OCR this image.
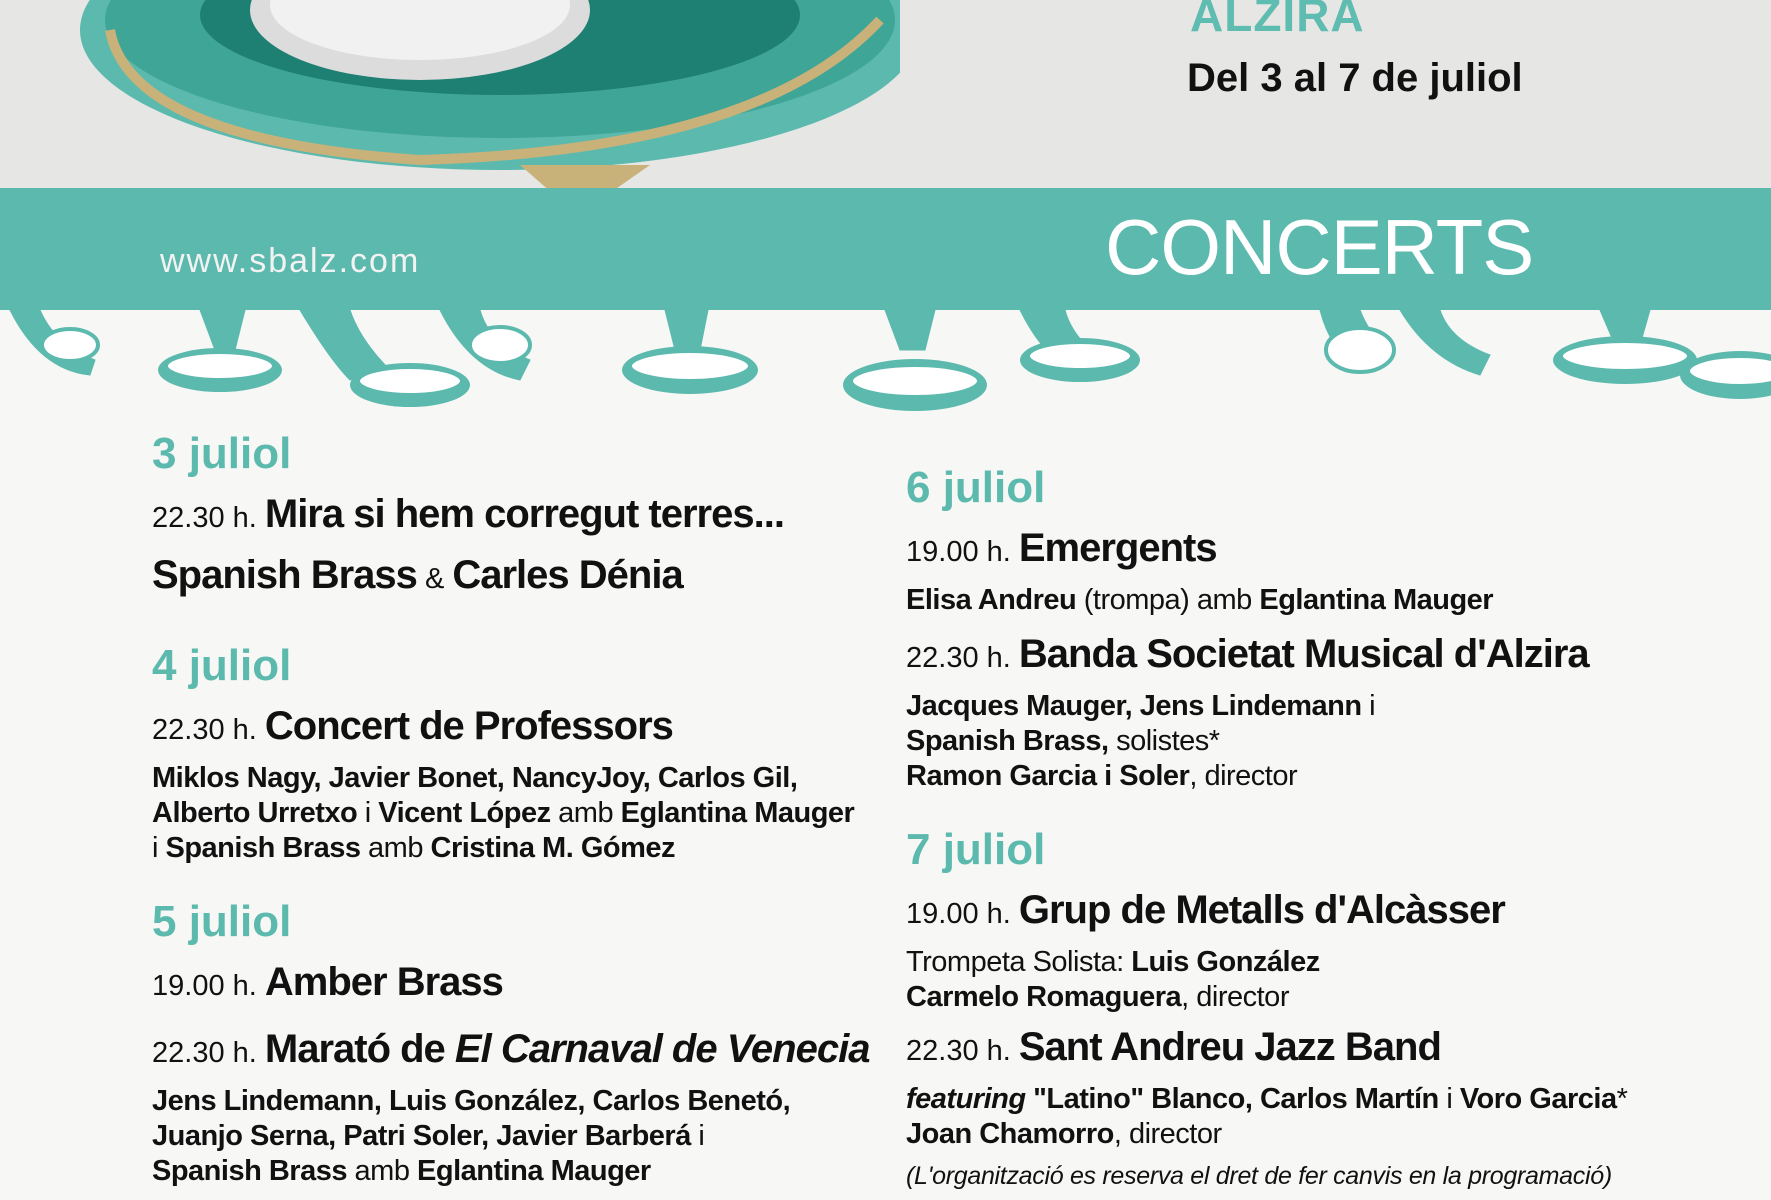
ALZIRA
Del 3 al 7 de juliol
www.sbalz.com	CONCERTS
3 juliol
22.30 h. Mira si hem corregut terres...
Spanish Brass & Carles Dénia
4 juliol
22.30 h. Concert de Professors
Miklos Nagy, Javier Bonet, NancyJoy, Carlos Gil,
Alberto Urretxo i Vicent López amb Eglantina Mauger
i Spanish Brass amb Cristina M. Gómez
5 juliol
19.00 h. Amber Brass
22.30 h. Marató de El Carnaval de Venecia
Jens Lindemann, Luis González, Carlos Benetó,
Juanjo Serna, Patri Soler, Javier Barberá i
Spanish Brass amb Eglantina Mauger
6 juliol
19.00 h. Emergents
Elisa Andreu (trompa) amb Eglantina Mauger
22.30 h. Banda Societat Musical d'Alzira
Jacques Mauger, Jens Lindemann i
Spanish Brass, solistes*
Ramon Garcia i Soler, director
7 juliol
19.00 h. Grup de Metalls d'Alcàsser
Trompeta Solista: Luis González
Carmelo Romaguera, director
22.30 h. Sant Andreu Jazz Band
featuring "Latino" Blanco, Carlos Martín i Voro Garcia*
Joan Chamorro, director
(L'organització es reserva el dret de fer canvis en la programació)
